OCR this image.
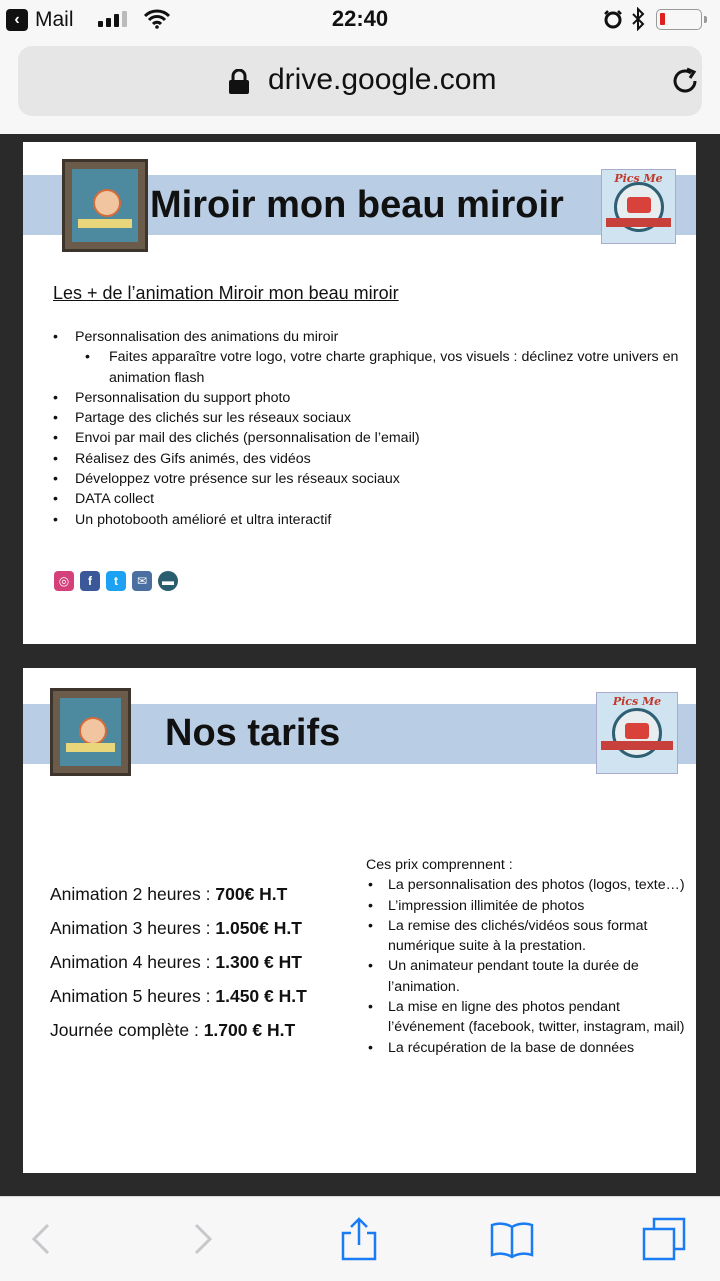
‹ Mail	22:40
drive.google.com
Miroir mon beau miroir
Pics Me
Les + de l’animation Miroir mon beau miroir
• Personnalisation des animations du miroir
• Faites apparaître votre logo, votre charte graphique, vos visuels : déclinez votre univers en animation flash
• Personnalisation du support photo
• Partage des clichés sur les réseaux sociaux
• Envoi par mail des clichés (personnalisation de l’email)
• Réalisez des Gifs animés, des vidéos
• Développez votre présence sur les réseaux sociaux
• DATA collect
• Un photobooth amélioré et ultra interactif
◎	f	t	✉	▬
Nos tarifs
Pics Me
Animation 2 heures : 700€ H.T
Animation 3 heures : 1.050€ H.T
Animation 4 heures : 1.300 € HT
Animation 5 heures : 1.450 € H.T
Journée complète : 1.700 € H.T
Ces prix comprennent :
• La personnalisation des photos (logos, texte…)
• L’impression illimitée de photos
• La remise des clichés/vidéos sous format numérique suite à la prestation.
• Un animateur pendant toute la durée de l’animation.
• La mise en ligne des photos pendant l’événement (facebook, twitter, instagram, mail)
• La récupération de la base de données
